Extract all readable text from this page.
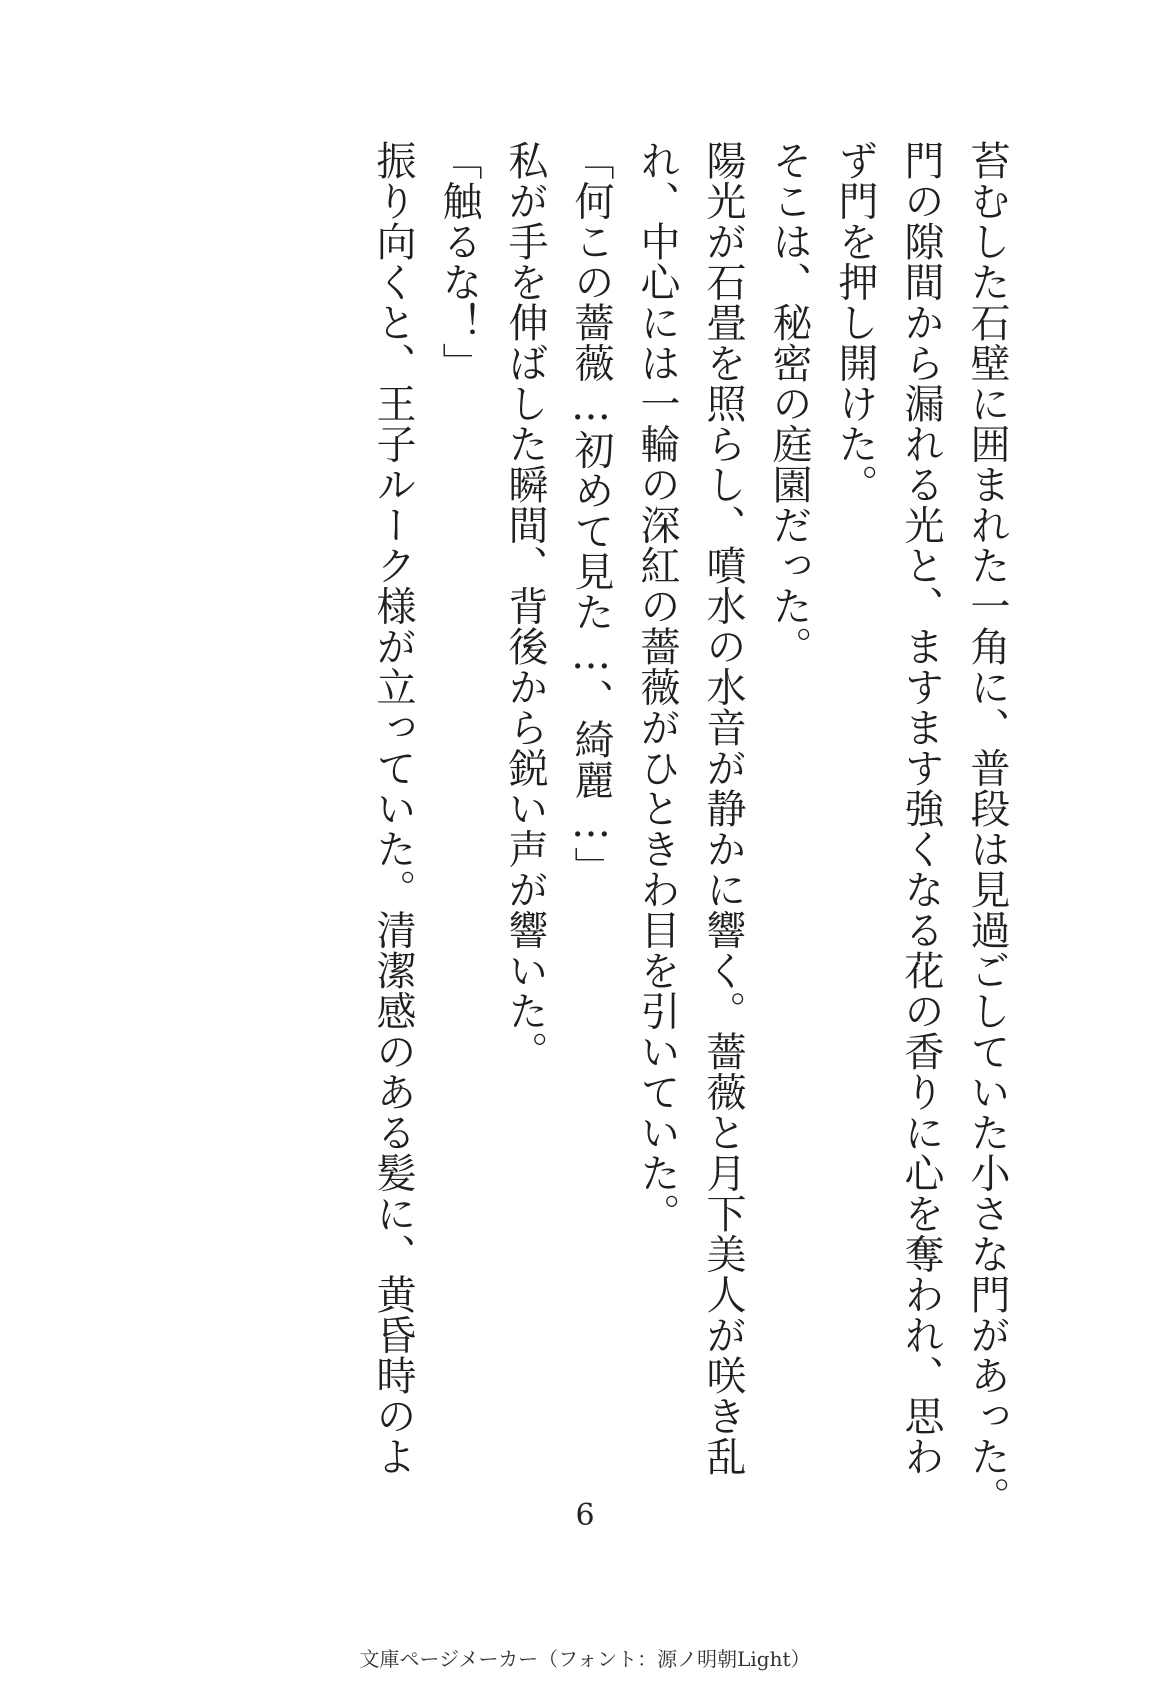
苔むした石壁に囲まれた一角に、普段は見過ごしていた小さな門があった。
門の隙間から漏れる光と、ますます強くなる花の香りに心を奪われ、思わ
ず門を押し開けた。
そこは、秘密の庭園だった。
陽光が石畳を照らし、噴水の水音が静かに響く。薔薇と月下美人が咲き乱
れ、中心には一輪の深紅の薔薇がひときわ目を引いていた。
「何この薔薇…初めて見た…、綺麗…」
私が手を伸ばした瞬間、背後から鋭い声が響いた。
「触るな！」
振り向くと、王子ルーク様が立っていた。清潔感のある髪に、黄昏時のよ
6
文庫ページメーカー（フォント：源ノ明朝Light）
